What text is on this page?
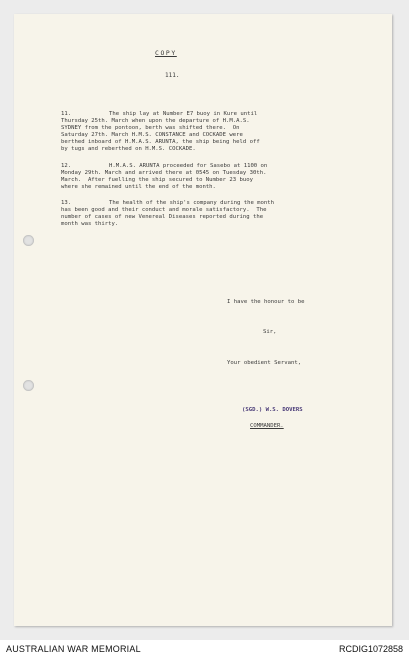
COPY
111.
11.	The ship lay at Number E7 buoy in Kure until
Thursday 25th. March when upon the departure of H.M.A.S.
SYDNEY from the pontoon, berth was shifted there.  On
Saturday 27th. March H.M.S. CONSTANCE and COCKADE were
berthed inboard of H.M.A.S. ARUNTA, the ship being held off
by tugs and reberthed on H.M.S. COCKADE.
12.	H.M.A.S. ARUNTA proceeded for Sasebo at 1100 on
Monday 29th. March and arrived there at 0545 on Tuesday 30th.
March.  After fuelling the ship secured to Number 23 buoy
where she remained until the end of the month.
13.	The health of the ship's company during the month
has been good and their conduct and morale satisfactory.  The
number of cases of new Venereal Diseases reported during the
month was thirty.
I have the honour to be
Sir,
Your obedient Servant,
(SGD.) W.S. DOVERS
COMMANDER.
AUSTRALIAN WAR MEMORIAL	RCDIG1072858
